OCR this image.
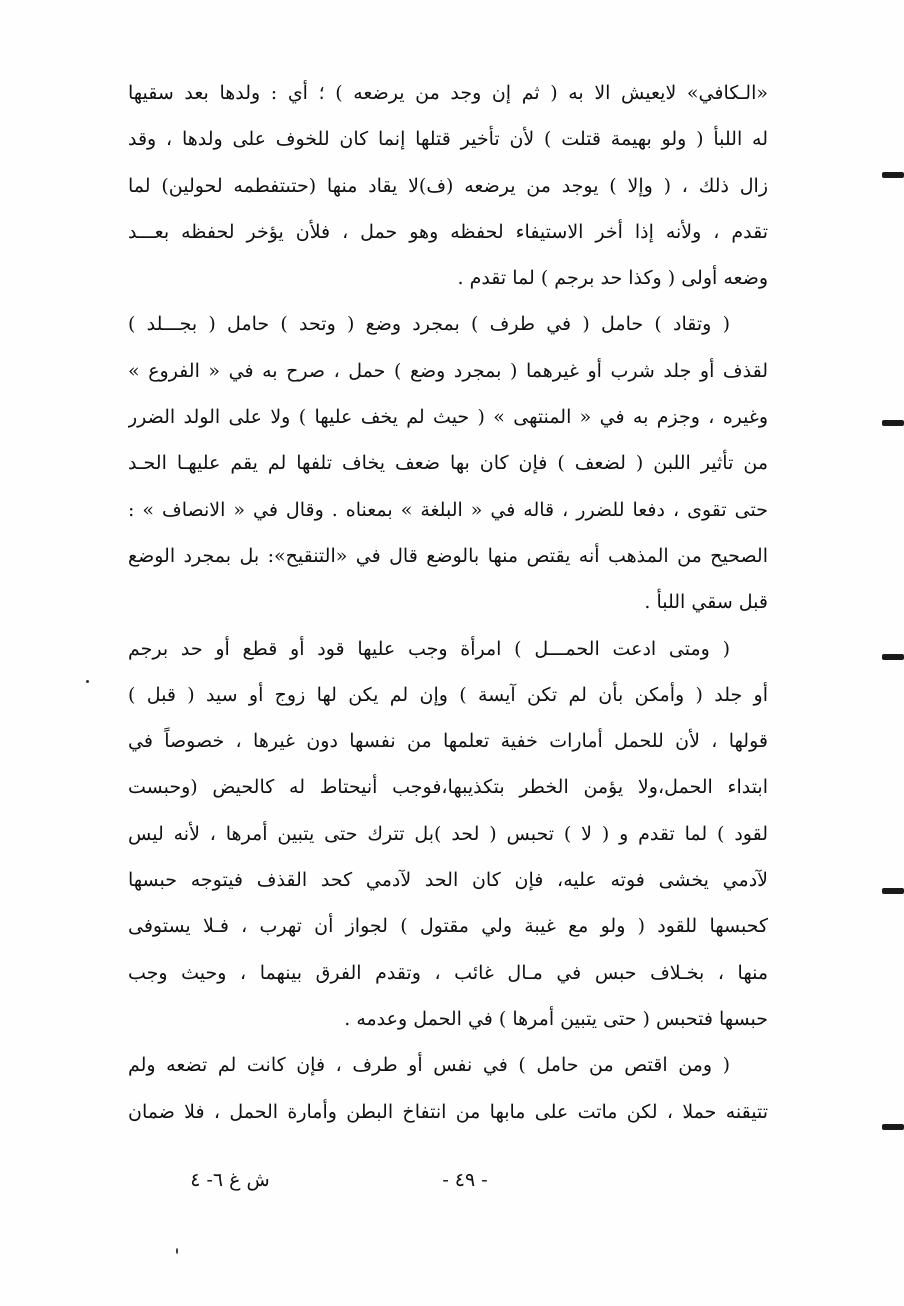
«الـكافي» لايعيش الا به ( ثم إن وجد من يرضعه ) ؛ أي : ولدها بعد سقيها
له اللبأ ( ولو بهيمة قتلت ) لأن تأخير قتلها إنما كان للخوف على ولدها ، وقد
زال ذلك ، ( وإلا ) يوجد من يرضعه (ف)لا يقاد منها (حتىتفطمه لحولين) لما
تقدم ، ولأنه إذا أخر الاستيفاء لحفظه وهو حمل ، فلأن يؤخر لحفظه بعـــد
وضعه أولى ( وكذا حد برجم ) لما تقدم .
( وتقاد ) حامل ( في طرف ) بمجرد وضع ( وتحد ) حامل ( بجـــلد )
لقذف أو جلد شرب أو غيرهما ( بمجرد وضع ) حمل ، صرح به في « الفروع »
وغيره ، وجزم به في « المنتهى » ( حيث لم يخف عليها ) ولا على الولد الضرر
من تأثير اللبن ( لضعف ) فإن كان بها ضعف يخاف تلفها لم يقم عليهـا الحـد
حتى تقوى ، دفعا للضرر ، قاله في « البلغة » بمعناه . وقال في « الانصاف » :
الصحيح من المذهب أنه يقتص منها بالوضع قال في «التنقيح»: بل بمجرد الوضع
قبل سقي اللبأ .
( ومتى ادعت الحمـــل ) امرأة وجب عليها قود أو قطع أو حد برجم
أو جلد ( وأمكن بأن لم تكن آيسة ) وإن لم يكن لها زوج أو سيد ( قبل )
قولها ، لأن للحمل أمارات خفية تعلمها من نفسها دون غيرها ، خصوصاً في
ابتداء الحمل،ولا يؤمن الخطر بتكذيبها،فوجب أنيحتاط له كالحيض (وحبست
لقود ) لما تقدم و ( لا ) تحبس ( لحد )بل تترك حتى يتبين أمرها ، لأنه ليس
لآدمي يخشى فوته عليه، فإن كان الحد لآدمي كحد القذف فيتوجه حبسها
كحبسها للقود ( ولو مع غيبة ولي مقتول ) لجواز أن تهرب ، فـلا يستوفى
منها ، بخـلاف حبس في مـال غائب ، وتقدم الفرق بينهما ، وحيث وجب
حبسها فتحبس ( حتى يتبين أمرها ) في الحمل وعدمه .
( ومن اقتص من حامل ) في نفس أو طرف ، فإن كانت لم تضعه ولم
تتيقنه حملا ، لكن ماتت على مابها من انتفاخ البطن وأمارة الحمل ، فلا ضمان
- ٤٩ -
ش غ ٦- ٤
